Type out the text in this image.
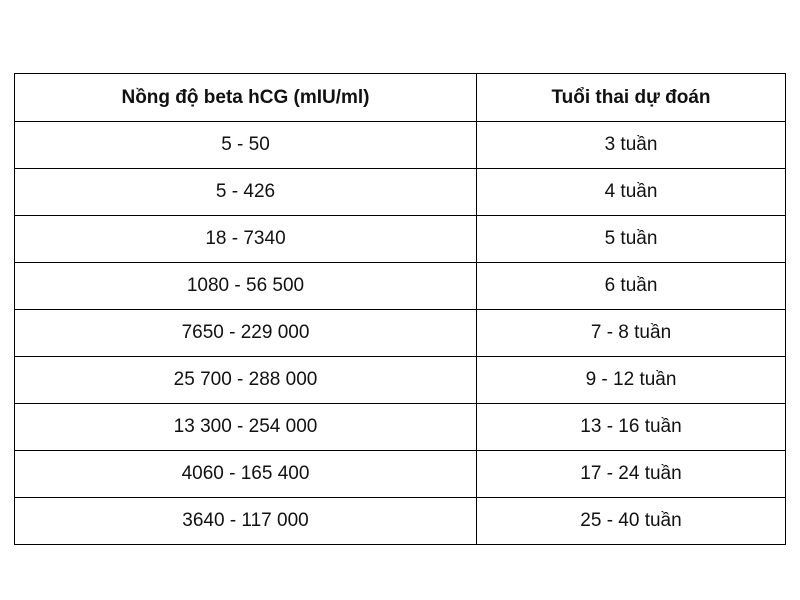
Nồng độ beta hCG (mIU/ml)	Tuổi thai dự đoán
5 - 50	3 tuần
5 - 426	4 tuần
18 - 7340	5 tuần
1080 - 56 500	6 tuần
7650 - 229 000	7 - 8 tuần
25 700 - 288 000	9 - 12 tuần
13 300 - 254 000	13 - 16 tuần
4060 - 165 400	17 - 24 tuần
3640 - 117 000	25 - 40 tuần
